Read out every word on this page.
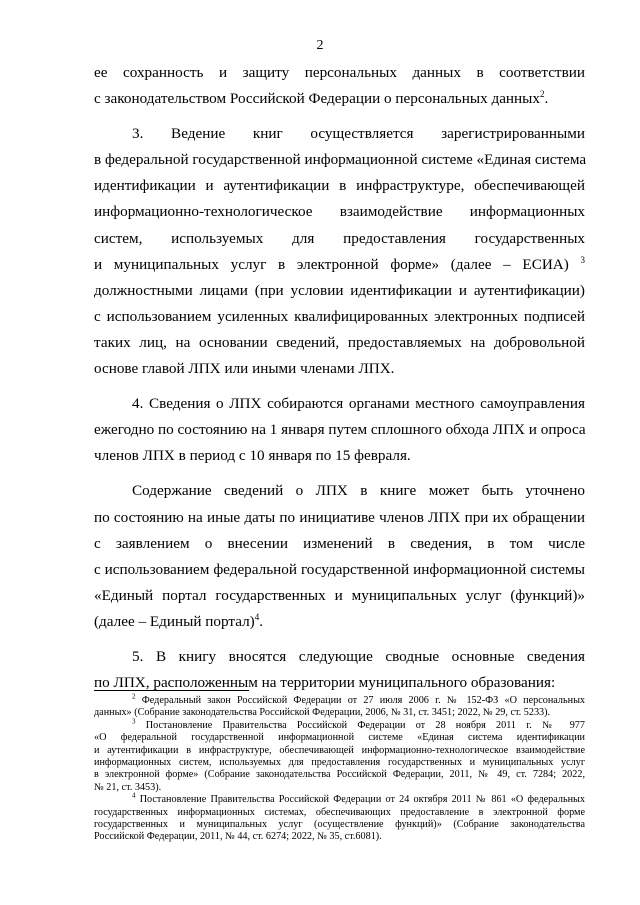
2

ее сохранность и защиту персональных данных в соответствии
с законодательством Российской Федерации о персональных данных$^2$.

3. Ведение книг осуществляется зарегистрированными
в федеральной государственной информационной системе «Единая система
идентификации и аутентификации в инфраструктуре, обеспечивающей
информационно-технологическое взаимодействие информационных
систем, используемых для предоставления государственных
и муниципальных услуг в электронной форме» (далее – ЕСИА) $^3$
должностными лицами (при условии идентификации и аутентификации)
с использованием усиленных квалифицированных электронных подписей
таких лиц, на основании сведений, предоставляемых на добровольной
основе главой ЛПХ или иными членами ЛПХ.

4. Сведения о ЛПХ собираются органами местного самоуправления
ежегодно по состоянию на 1 января путем сплошного обхода ЛПХ и опроса
членов ЛПХ в период с 10 января по 15 февраля.

Содержание сведений о ЛПХ в книге может быть уточнено
по состоянию на иные даты по инициативе членов ЛПХ при их обращении
с заявлением о внесении изменений в сведения, в том числе
с использованием федеральной государственной информационной системы
«Единый портал государственных и муниципальных услуг (функций)»
(далее – Единый портал)$^4$.

5. В книгу вносятся следующие сводные основные сведения
по ЛПХ, расположенным на территории муниципального образования:

$^2$ Федеральный закон Российской Федерации от 27 июля 2006 г. № 152-ФЗ «О персональных
данных» (Собрание законодательства Российской Федерации, 2006, № 31, ст. 3451; 2022, № 29, ст. 5233).
$^3$ Постановление Правительства Российской Федерации от 28 ноября 2011 г. № 977
«О федеральной государственной информационной системе «Единая система идентификации
и аутентификации в инфраструктуре, обеспечивающей информационно-технологическое взаимодействие
информационных систем, используемых для предоставления государственных и муниципальных услуг
в электронной форме» (Собрание законодательства Российской Федерации, 2011, № 49, ст. 7284; 2022,
№ 21, ст. 3453).
$^4$ Постановление Правительства Российской Федерации от 24 октября 2011 № 861 «О федеральных
государственных информационных системах, обеспечивающих предоставление в электронной форме
государственных и муниципальных услуг (осуществление функций)» (Собрание законодательства
Российской Федерации, 2011, № 44, ст. 6274; 2022, № 35, ст.6081).
